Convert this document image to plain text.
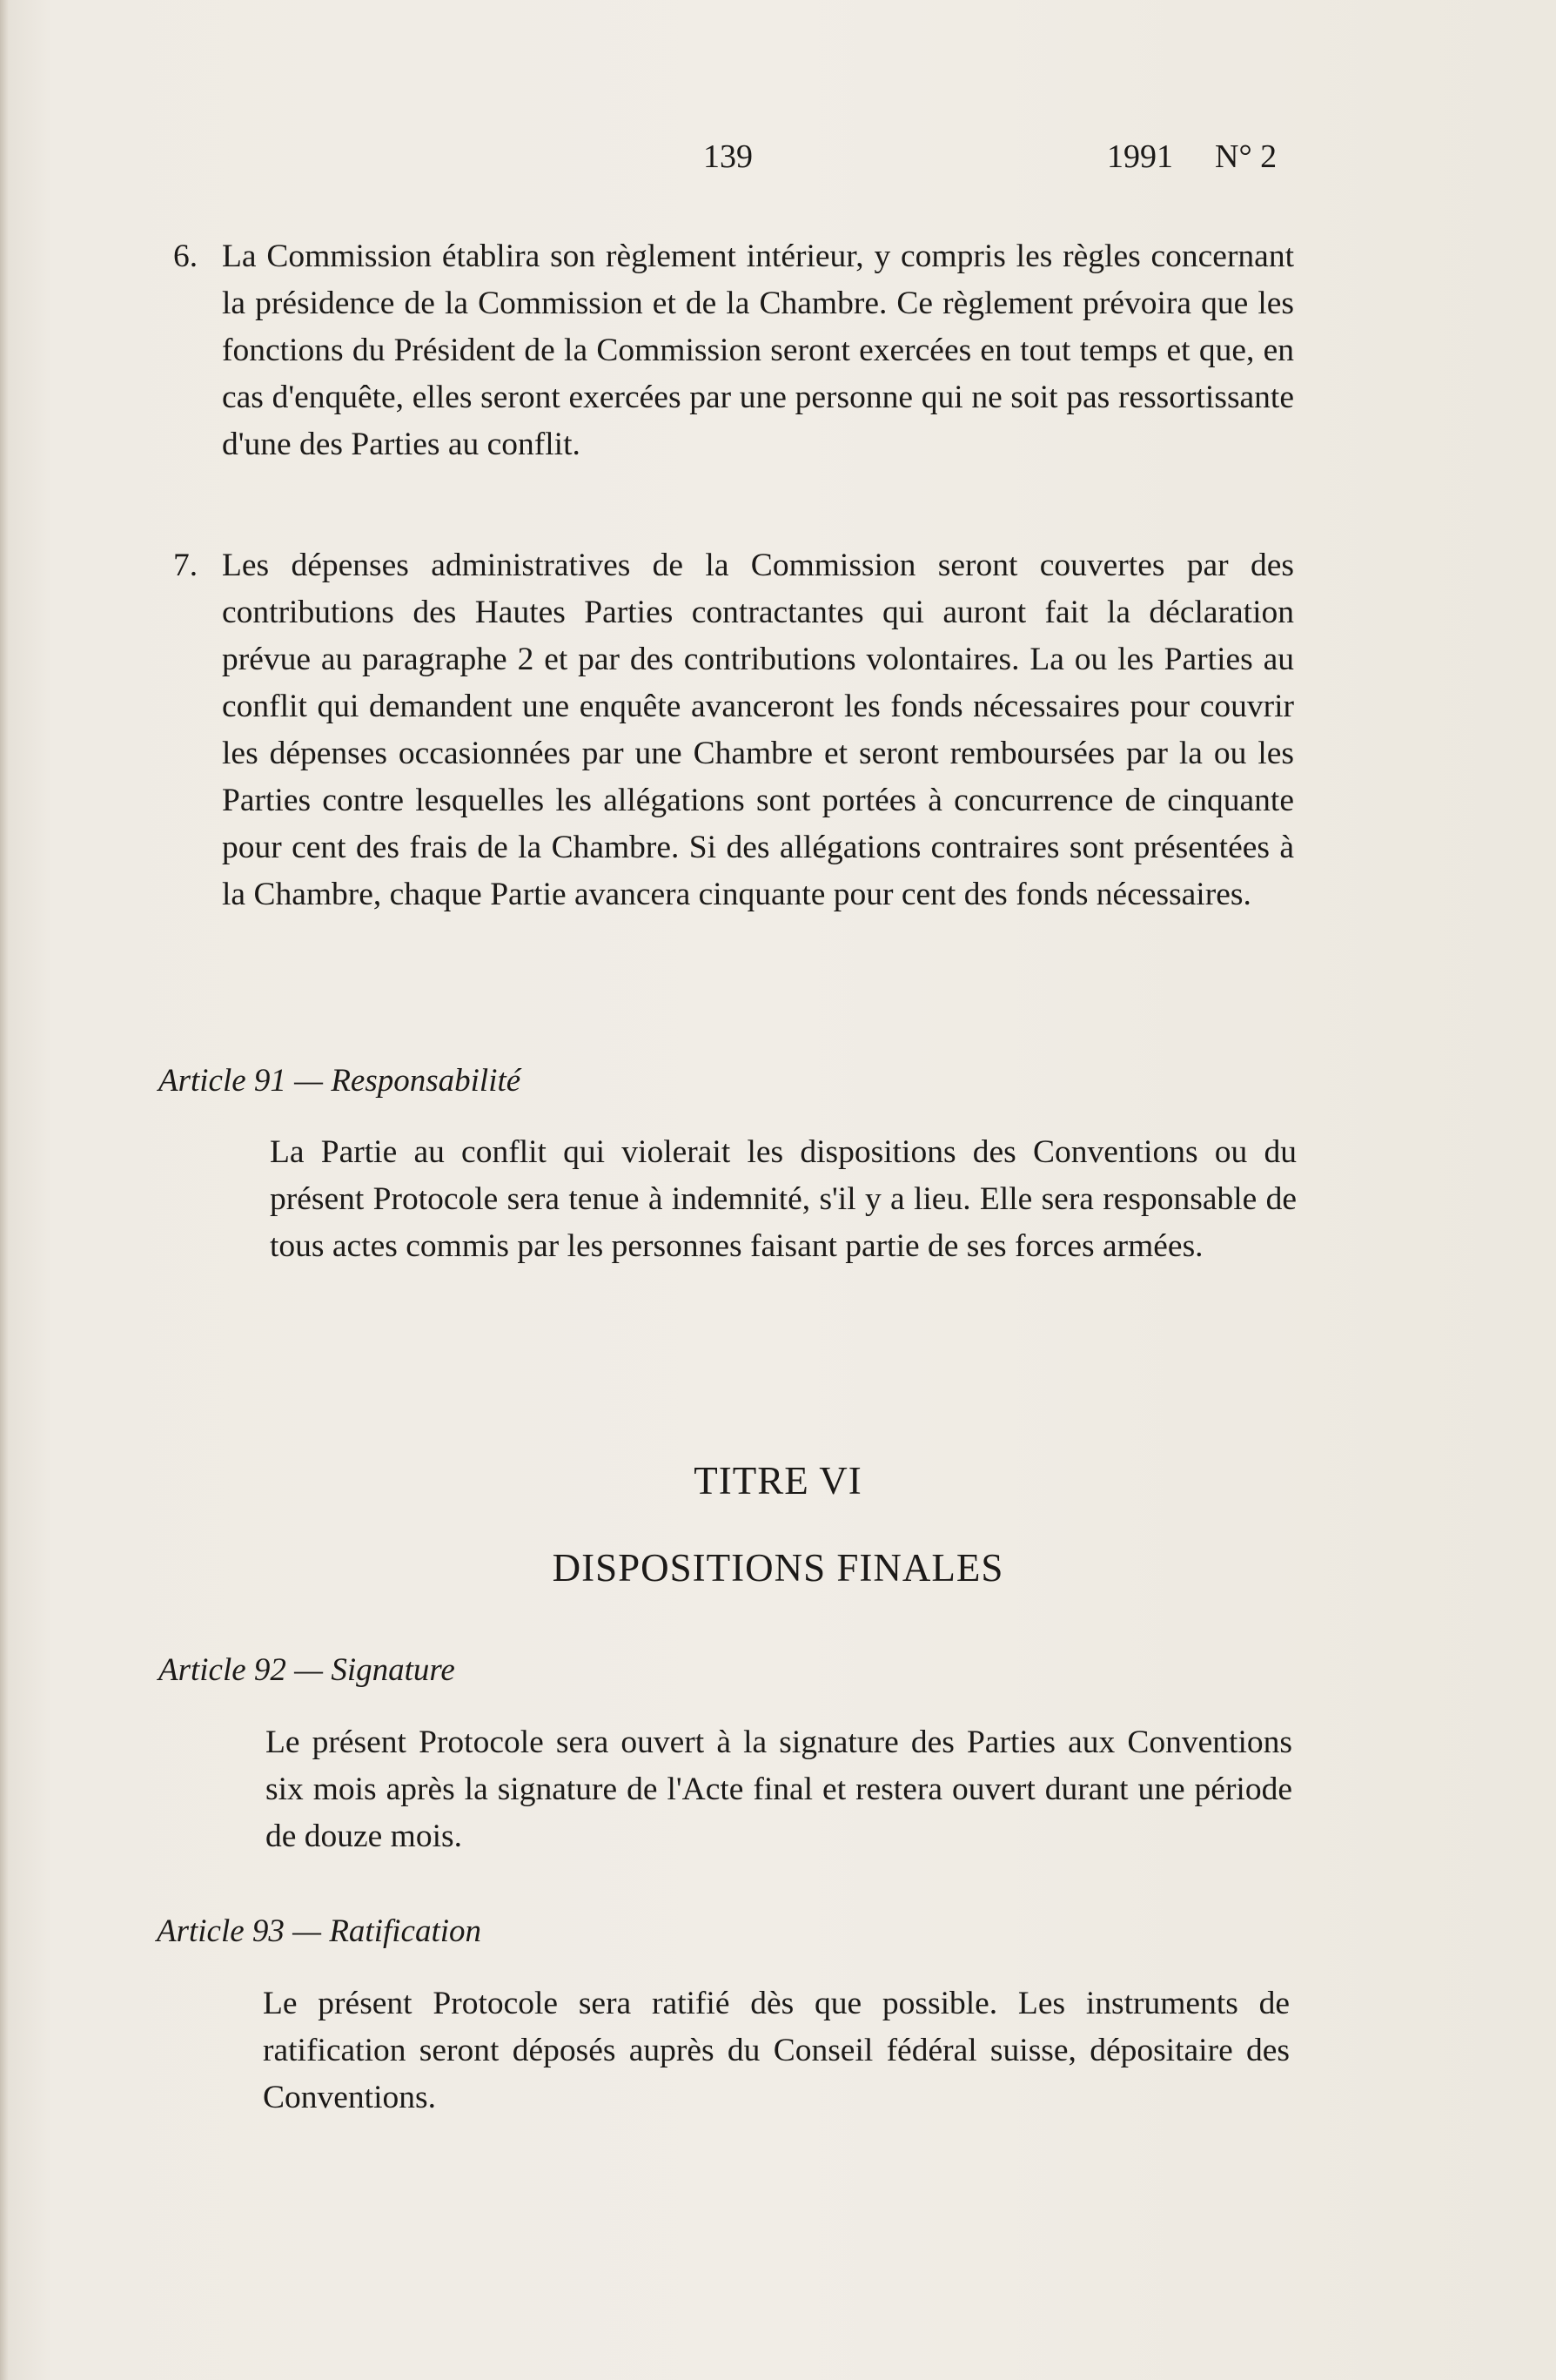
139	1991 N° 2
6. La Commission établira son règlement intérieur, y compris les règles concernant la présidence de la Commission et de la Chambre. Ce règlement prévoira que les fonctions du Président de la Commission seront exercées en tout temps et que, en cas d'enquête, elles seront exercées par une personne qui ne soit pas ressortissante d'une des Parties au conflit.
7. Les dépenses administratives de la Commission seront couvertes par des contributions des Hautes Parties contractantes qui auront fait la déclaration prévue au paragraphe 2 et par des contributions volontaires. La ou les Parties au conflit qui demandent une enquête avanceront les fonds nécessaires pour couvrir les dépenses occasionnées par une Chambre et seront remboursées par la ou les Parties contre lesquelles les allégations sont portées à concurrence de cinquante pour cent des frais de la Chambre. Si des allégations contraires sont présentées à la Chambre, chaque Partie avancera cinquante pour cent des fonds nécessaires.
Article 91 — Responsabilité
La Partie au conflit qui violerait les dispositions des Conventions ou du présent Protocole sera tenue à indemnité, s'il y a lieu. Elle sera responsable de tous actes commis par les personnes faisant partie de ses forces armées.
TITRE VI
DISPOSITIONS FINALES
Article 92 — Signature
Le présent Protocole sera ouvert à la signature des Parties aux Conventions six mois après la signature de l'Acte final et restera ouvert durant une période de douze mois.
Article 93 — Ratification
Le présent Protocole sera ratifié dès que possible. Les instruments de ratification seront déposés auprès du Conseil fédéral suisse, dépositaire des Conventions.
